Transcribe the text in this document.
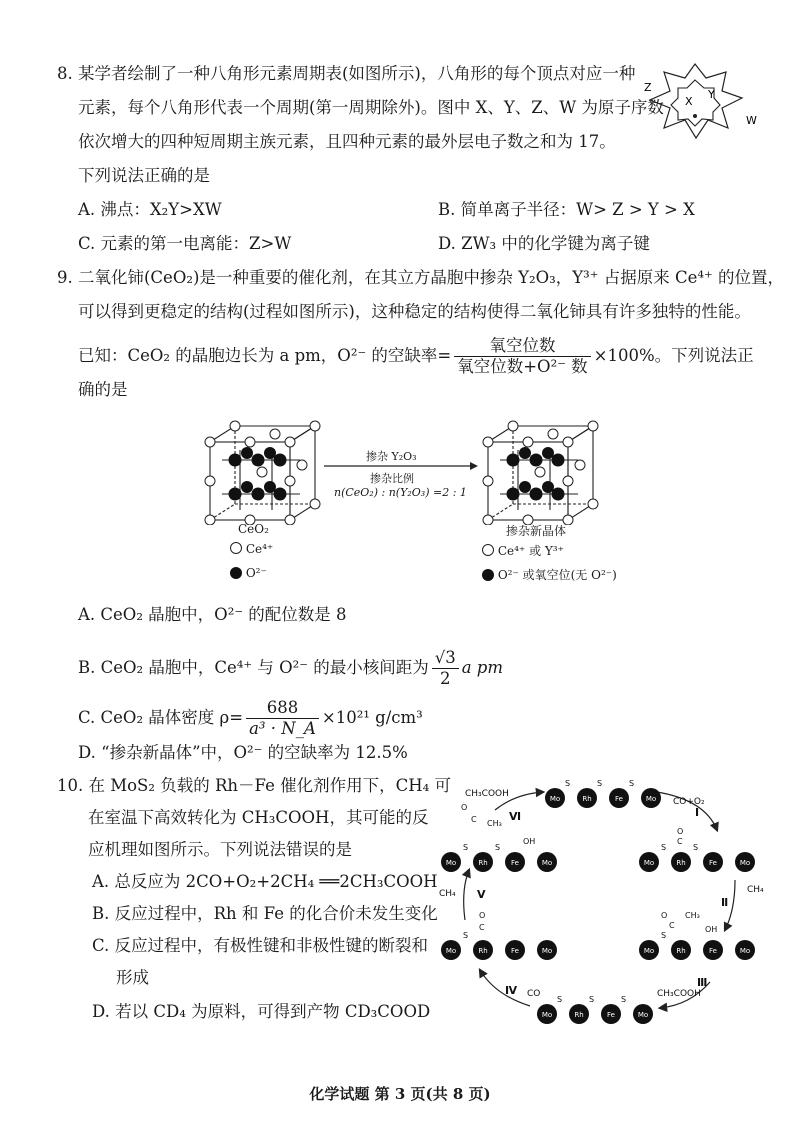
8. 某学者绘制了一种八角形元素周期表(如图所示)，八角形的每个顶点对应一种
元素，每个八角形代表一个周期(第一周期除外)。图中 X、Y、Z、W 为原子序数
依次增大的四种短周期主族元素，且四种元素的最外层电子数之和为 17。
下列说法正确的是
A. 沸点：X₂Y>XW	B. 简单离子半径：W> Z > Y > X
C. 元素的第一电离能：Z>W	D. ZW₃ 中的化学键为离子键
Z
X
Y
W
9. 二氧化铈(CeO₂)是一种重要的催化剂，在其立方晶胞中掺杂 Y₂O₃，Y³⁺ 占据原来 Ce⁴⁺ 的位置，
可以得到更稳定的结构(过程如图所示)，这种稳定的结构使得二氧化铈具有许多独特的性能。
已知：CeO₂ 的晶胞边长为 a pm，O²⁻ 的空缺率= $\frac{\text{氧空位数}}{\text{氧空位数+O²⁻ 数}} \times 100\%$。下列说法正
确的是
掺杂 Y₂O₃
掺杂比例
n(CeO₂) : n(Y₂O₃) =2 : 1
CeO₂
Ce⁴⁺
O²⁻
掺杂新晶体
Ce⁴⁺ 或 Y³⁺
O²⁻ 或氧空位(无 O²⁻)
A. CeO₂ 晶胞中，O²⁻ 的配位数是 8
B. CeO₂ 晶胞中，Ce⁴⁺ 与 O²⁻ 的最小核间距为 $\frac{√3}{2}$ a pm
C. CeO₂ 晶体密度 $\rho= \frac{688}{\text{a³ · N\_A}} \times 10^{21}$ g/cm³
D. “掺杂新晶体”中，O²⁻ 的空缺率为 12.5%
10. 在 MoS₂ 负载的 Rh－Fe 催化剂作用下，CH₄ 可
在室温下高效转化为 CH₃COOH，其可能的反
应机理如图所示。下列说法错误的是
A. 总反应为 2CO+O₂+2CH₄ ══2CH₃COOH
B. 反应过程中，Rh 和 Fe 的化合价未发生变化
C. 反应过程中，有极性键和非极性键的断裂和
形成
D. 若以 CD₄ 为原料，可得到产物 CD₃COOD
S	S	S
S	S
S	S
S	S	S
S
S
Mo	Rh	Fe	Mo
Mo	Rh	Fe	Mo
Mo	Rh	Fe	Mo
Mo	Rh	Fe	Mo
Mo	Rh	Fe	Mo
Mo	Rh	Fe	Mo
OH
C
O
CH₃
O
C
O
C
CH₃
OH
O
C
Ⅰ
Ⅱ
Ⅲ
Ⅳ
Ⅴ
Ⅵ
CO+O₂
CH₄
CH₃COOH
CO
CH₄
CH₃COOH
化学试题 第 3 页(共 8 页)
